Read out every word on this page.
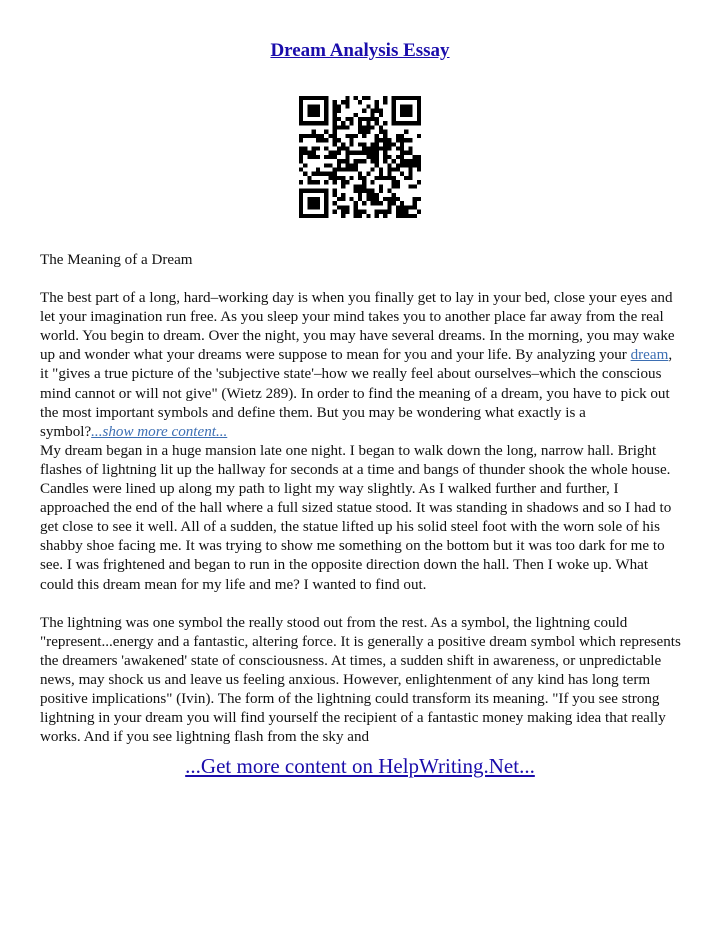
Dream Analysis Essay

The Meaning of a Dream

The best part of a long, hard–working day is when you finally get to lay in your bed, close your eyes and let your imagination run free. As you sleep your mind takes you to another place far away from the real world. You begin to dream. Over the night, you may have several dreams. In the morning, you may wake up and wonder what your dreams were suppose to mean for you and your life. By analyzing your dream, it "gives a true picture of the 'subjective state'–how we really feel about ourselves–which the conscious mind cannot or will not give" (Wietz 289). In order to find the meaning of a dream, you have to pick out the most important symbols and define them. But you may be wondering what exactly is a symbol?...show more content...

My dream began in a huge mansion late one night. I began to walk down the long, narrow hall. Bright flashes of lightning lit up the hallway for seconds at a time and bangs of thunder shook the whole house. Candles were lined up along my path to light my way slightly. As I walked further and further, I approached the end of the hall where a full sized statue stood. It was standing in shadows and so I had to get close to see it well. All of a sudden, the statue lifted up his solid steel foot with the worn sole of his shabby shoe facing me. It was trying to show me something on the bottom but it was too dark for me to see. I was frightened and began to run in the opposite direction down the hall. Then I woke up. What could this dream mean for my life and me? I wanted to find out.

The lightning was one symbol the really stood out from the rest. As a symbol, the lightning could "represent...energy and a fantastic, altering force. It is generally a positive dream symbol which represents the dreamers 'awakened' state of consciousness. At times, a sudden shift in awareness, or unpredictable news, may shock us and leave us feeling anxious. However, enlightenment of any kind has long term positive implications" (Ivin). The form of the lightning could transform its meaning. "If you see strong lightning in your dream you will find yourself the recipient of a fantastic money making idea that really works. And if you see lightning flash from the sky and

...Get more content on HelpWriting.Net...
